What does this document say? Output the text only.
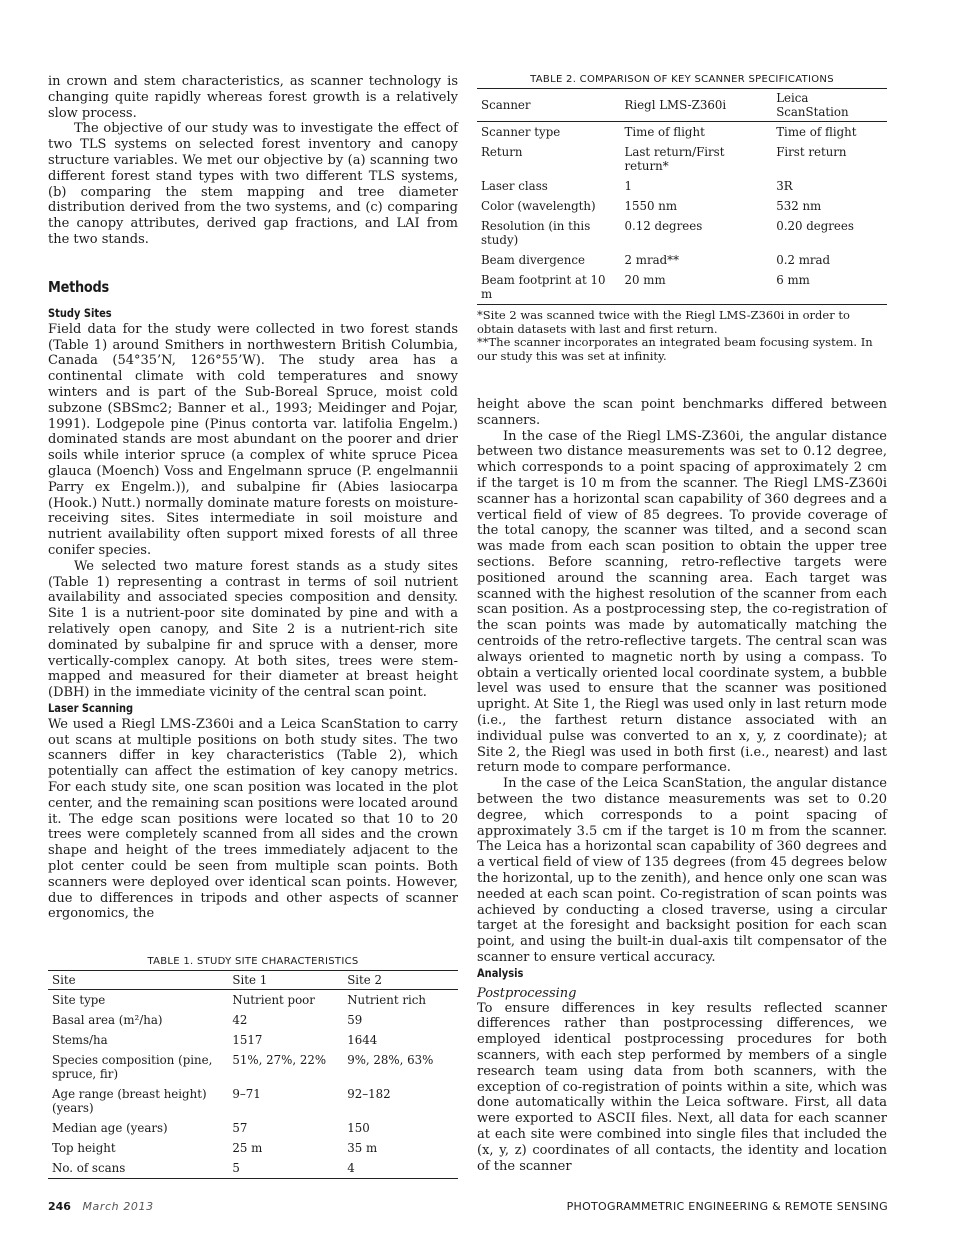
in crown and stem characteristics, as scanner technology is changing quite rapidly whereas forest growth is a relatively slow process.

The objective of our study was to investigate the effect of two TLS systems on selected forest inventory and canopy structure variables. We met our objective by (a) scanning two different forest stand types with two different TLS systems, (b) comparing the stem mapping and tree diameter distribution derived from the two systems, and (c) comparing the canopy attributes, derived gap fractions, and LAI from the two stands.

Methods
Study Sites

Field data for the study were collected in two forest stands (Table 1) around Smithers in northwestern British Columbia, Canada (54°35’N, 126°55’W). The study area has a continental climate with cold temperatures and snowy winters and is part of the Sub-Boreal Spruce, moist cold subzone (SBSmc2; Banner et al., 1993; Meidinger and Pojar, 1991). Lodgepole pine (Pinus contorta var. latifolia Engelm.) dominated stands are most abundant on the poorer and drier soils while interior spruce (a complex of white spruce Picea glauca (Moench) Voss and Engelmann spruce (P. engelmannii Parry ex Engelm.)), and subalpine fir (Abies lasiocarpa (Hook.) Nutt.) normally dominate mature forests on moisture-receiving sites. Sites intermediate in soil moisture and nutrient availability often support mixed forests of all three conifer species.

We selected two mature forest stands as a study sites (Table 1) representing a contrast in terms of soil nutrient availability and associated species composition and density. Site 1 is a nutrient-poor site dominated by pine and with a relatively open canopy, and Site 2 is a nutrient-rich site dominated by subalpine fir and spruce with a denser, more vertically-complex canopy. At both sites, trees were stem-mapped and measured for their diameter at breast height (DBH) in the immediate vicinity of the central scan point.

Laser Scanning

We used a Riegl LMS-Z360i and a Leica ScanStation to carry out scans at multiple positions on both study sites. The two scanners differ in key characteristics (Table 2), which potentially can affect the estimation of key canopy metrics. For each study site, one scan position was located in the plot center, and the remaining scan positions were located around it. The edge scan positions were located so that 10 to 20 trees were completely scanned from all sides and the crown shape and height of the trees immediately adjacent to the plot center could be seen from multiple scan points. Both scanners were deployed over identical scan points. However, due to differences in tripods and other aspects of scanner ergonomics, the

TABLE 1. STUDY SITE CHARACTERISTICS
Site	Site 1	Site 2
Site type	Nutrient poor	Nutrient rich
Basal area (m²/ha)	42	59
Stems/ha	1517	1644
Species composition (pine, spruce, fir)	51%, 27%, 22%	9%, 28%, 63%
Age range (breast height) (years)	9–71	92–182
Median age (years)	57	150
Top height	25 m	35 m
No. of scans	5	4
TABLE 2. COMPARISON OF KEY SCANNER SPECIFICATIONS
Scanner	Riegl LMS-Z360i	Leica ScanStation
Scanner type	Time of flight	Time of flight
Return	Last return/First return*	First return
Laser class	1	3R
Color (wavelength)	1550 nm	532 nm
Resolution (in this study)	0.12 degrees	0.20 degrees
Beam divergence	2 mrad**	0.2 mrad
Beam footprint at 10 m	20 mm	6 mm
*Site 2 was scanned twice with the Riegl LMS-Z360i in order to obtain datasets with last and first return.
**The scanner incorporates an integrated beam focusing system. In our study this was set at infinity.

height above the scan point benchmarks differed between scanners.

In the case of the Riegl LMS-Z360i, the angular distance between two distance measurements was set to 0.12 degree, which corresponds to a point spacing of approximately 2 cm if the target is 10 m from the scanner. The Riegl LMS-Z360i scanner has a horizontal scan capability of 360 degrees and a vertical field of view of 85 degrees. To provide coverage of the total canopy, the scanner was tilted, and a second scan was made from each scan position to obtain the upper tree sections. Before scanning, retro-reflective targets were positioned around the scanning area. Each target was scanned with the highest resolution of the scanner from each scan position. As a postprocessing step, the co-registration of the scan points was made by automatically matching the centroids of the retro-reflective targets. The central scan was always oriented to magnetic north by using a compass. To obtain a vertically oriented local coordinate system, a bubble level was used to ensure that the scanner was positioned upright. At Site 1, the Riegl was used only in last return mode (i.e., the farthest return distance associated with an individual pulse was converted to an x, y, z coordinate); at Site 2, the Riegl was used in both first (i.e., nearest) and last return mode to compare performance.

In the case of the Leica ScanStation, the angular distance between the two distance measurements was set to 0.20 degree, which corresponds to a point spacing of approximately 3.5 cm if the target is 10 m from the scanner. The Leica has a horizontal scan capability of 360 degrees and a vertical field of view of 135 degrees (from 45 degrees below the horizontal, up to the zenith), and hence only one scan was needed at each scan point. Co-registration of scan points was achieved by conducting a closed traverse, using a circular target at the foresight and backsight position for each scan point, and using the built-in dual-axis tilt compensator of the scanner to ensure vertical accuracy.

Analysis
Postprocessing

To ensure differences in key results reflected scanner differences rather than postprocessing differences, we employed identical postprocessing procedures for both scanners, with each step performed by members of a single research team using data from both scanners, with the exception of co-registration of points within a site, which was done automatically within the Leica software. First, all data were exported to ASCII files. Next, all data for each scanner at each site were combined into single files that included the (x, y, z) coordinates of all contacts, the identity and location of the scanner

246 March 2013	PHOTOGRAMMETRIC ENGINEERING & REMOTE SENSING
